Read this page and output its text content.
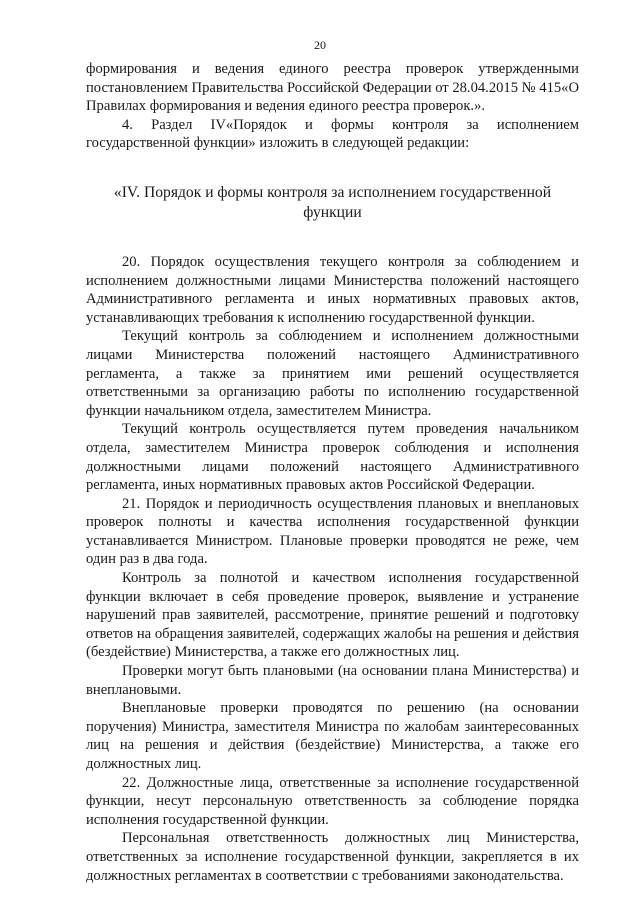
20

формирования и ведения единого реестра проверок утвержденными постановлением Правительства Российской Федерации от 28.04.2015 № 415«О Правилах формирования и ведения единого реестра проверок.».

4. Раздел IV«Порядок и формы контроля за исполнением государственной функции» изложить в следующей редакции:

«IV. Порядок и формы контроля за исполнением государственной функции

20. Порядок осуществления текущего контроля за соблюдением и исполнением должностными лицами Министерства положений настоящего Административного регламента и иных нормативных правовых актов, устанавливающих требования к исполнению государственной функции.

Текущий контроль за соблюдением и исполнением должностными лицами Министерства положений настоящего Административного регламента, а также за принятием ими решений осуществляется ответственными за организацию работы по исполнению государственной функции начальником отдела, заместителем Министра.

Текущий контроль осуществляется путем проведения начальником отдела, заместителем Министра проверок соблюдения и исполнения должностными лицами положений настоящего Административного регламента, иных нормативных правовых актов Российской Федерации.

21. Порядок и периодичность осуществления плановых и внеплановых проверок полноты и качества исполнения государственной функции устанавливается Министром. Плановые проверки проводятся не реже, чем один раз в два года.

Контроль за полнотой и качеством исполнения государственной функции включает в себя проведение проверок, выявление и устранение нарушений прав заявителей, рассмотрение, принятие решений и подготовку ответов на обращения заявителей, содержащих жалобы на решения и действия (бездействие) Министерства, а также его должностных лиц.

Проверки могут быть плановыми (на основании плана Министерства) и внеплановыми.

Внеплановые проверки проводятся по решению (на основании поручения) Министра, заместителя Министра по жалобам заинтересованных лиц на решения и действия (бездействие) Министерства, а также его должностных лиц.

22. Должностные лица, ответственные за исполнение государственной функции, несут персональную ответственность за соблюдение порядка исполнения государственной функции.

Персональная ответственность должностных лиц Министерства, ответственных за исполнение государственной функции, закрепляется в их должностных регламентах в соответствии с требованиями законодательства.
